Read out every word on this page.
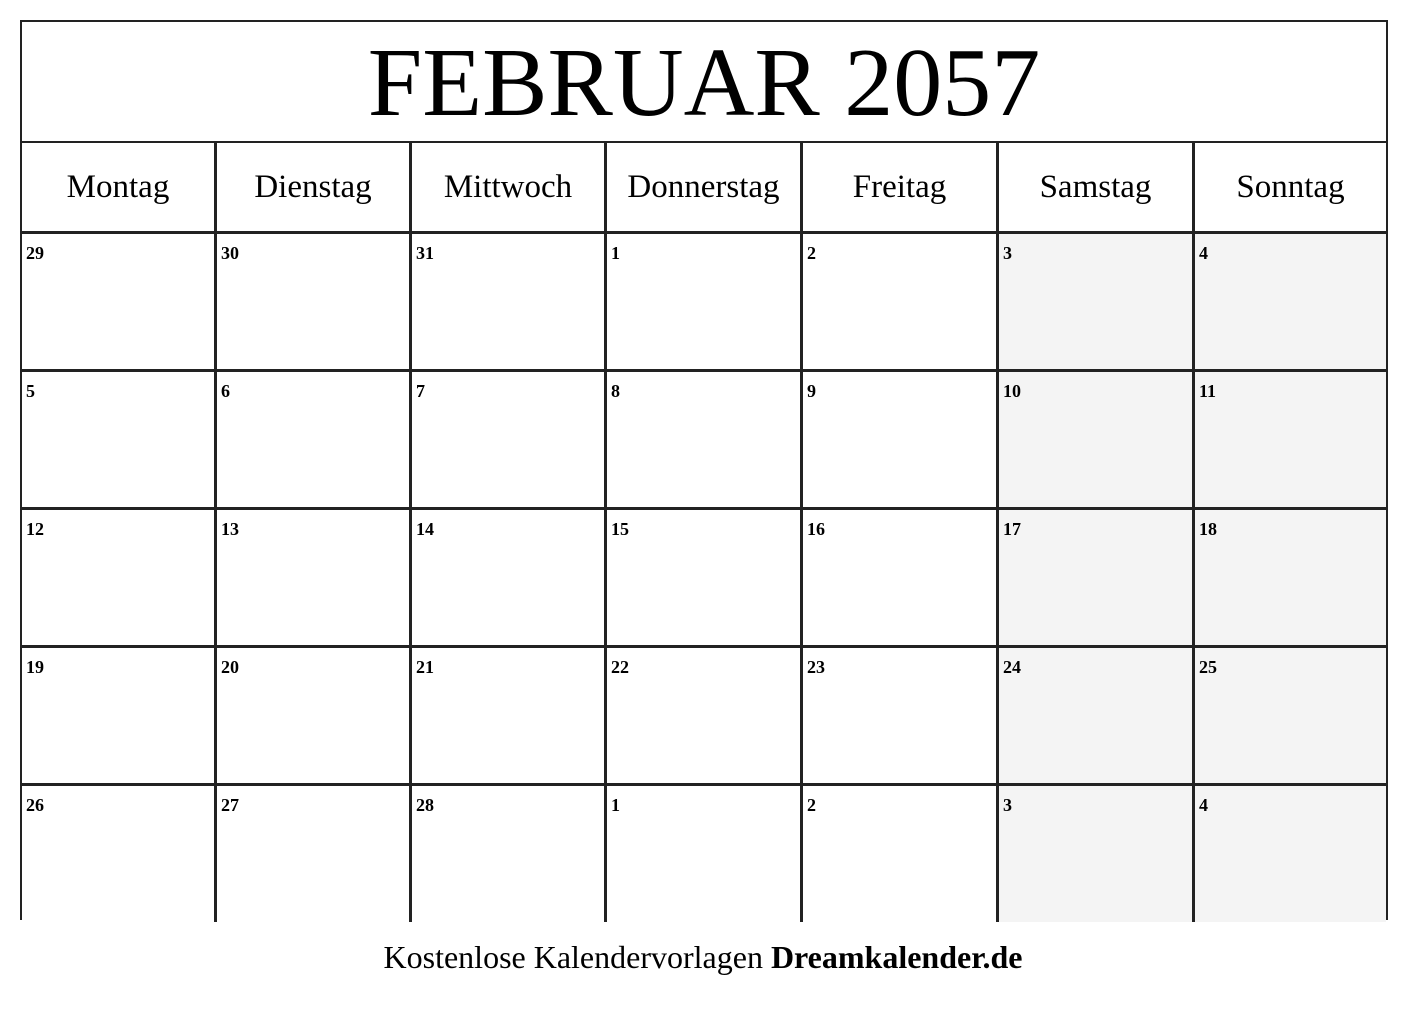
FEBRUAR 2057
Montag	Dienstag	Mittwoch	Donnerstag	Freitag	Samstag	Sonntag
29	30	31	1	2	3	4
5	6	7	8	9	10	11
12	13	14	15	16	17	18
19	20	21	22	23	24	25
26	27	28	1	2	3	4
Kostenlose Kalendervorlagen Dreamkalender.de
